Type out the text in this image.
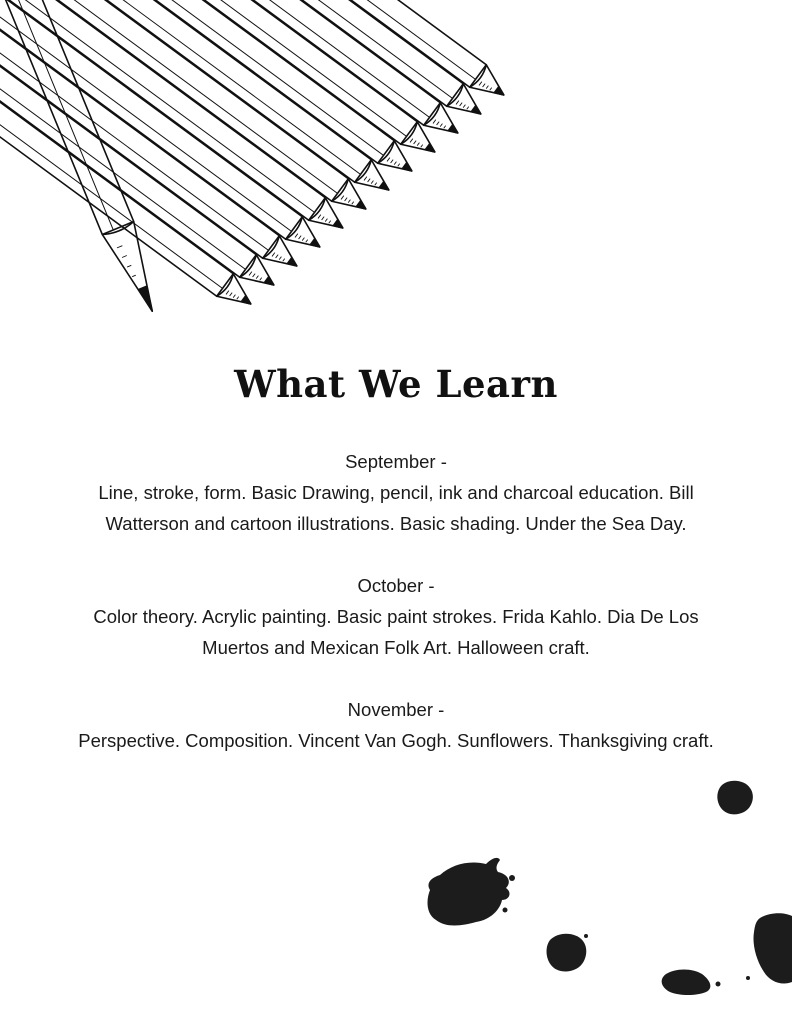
What We Learn

September -

Line, stroke, form. Basic Drawing, pencil, ink and charcoal education. Bill Watterson and cartoon illustrations. Basic shading. Under the Sea Day.

October -

Color theory. Acrylic painting. Basic paint strokes. Frida Kahlo. Dia De Los Muertos and Mexican Folk Art. Halloween craft.

November -

Perspective. Composition. Vincent Van Gogh. Sunflowers. Thanksgiving craft.
